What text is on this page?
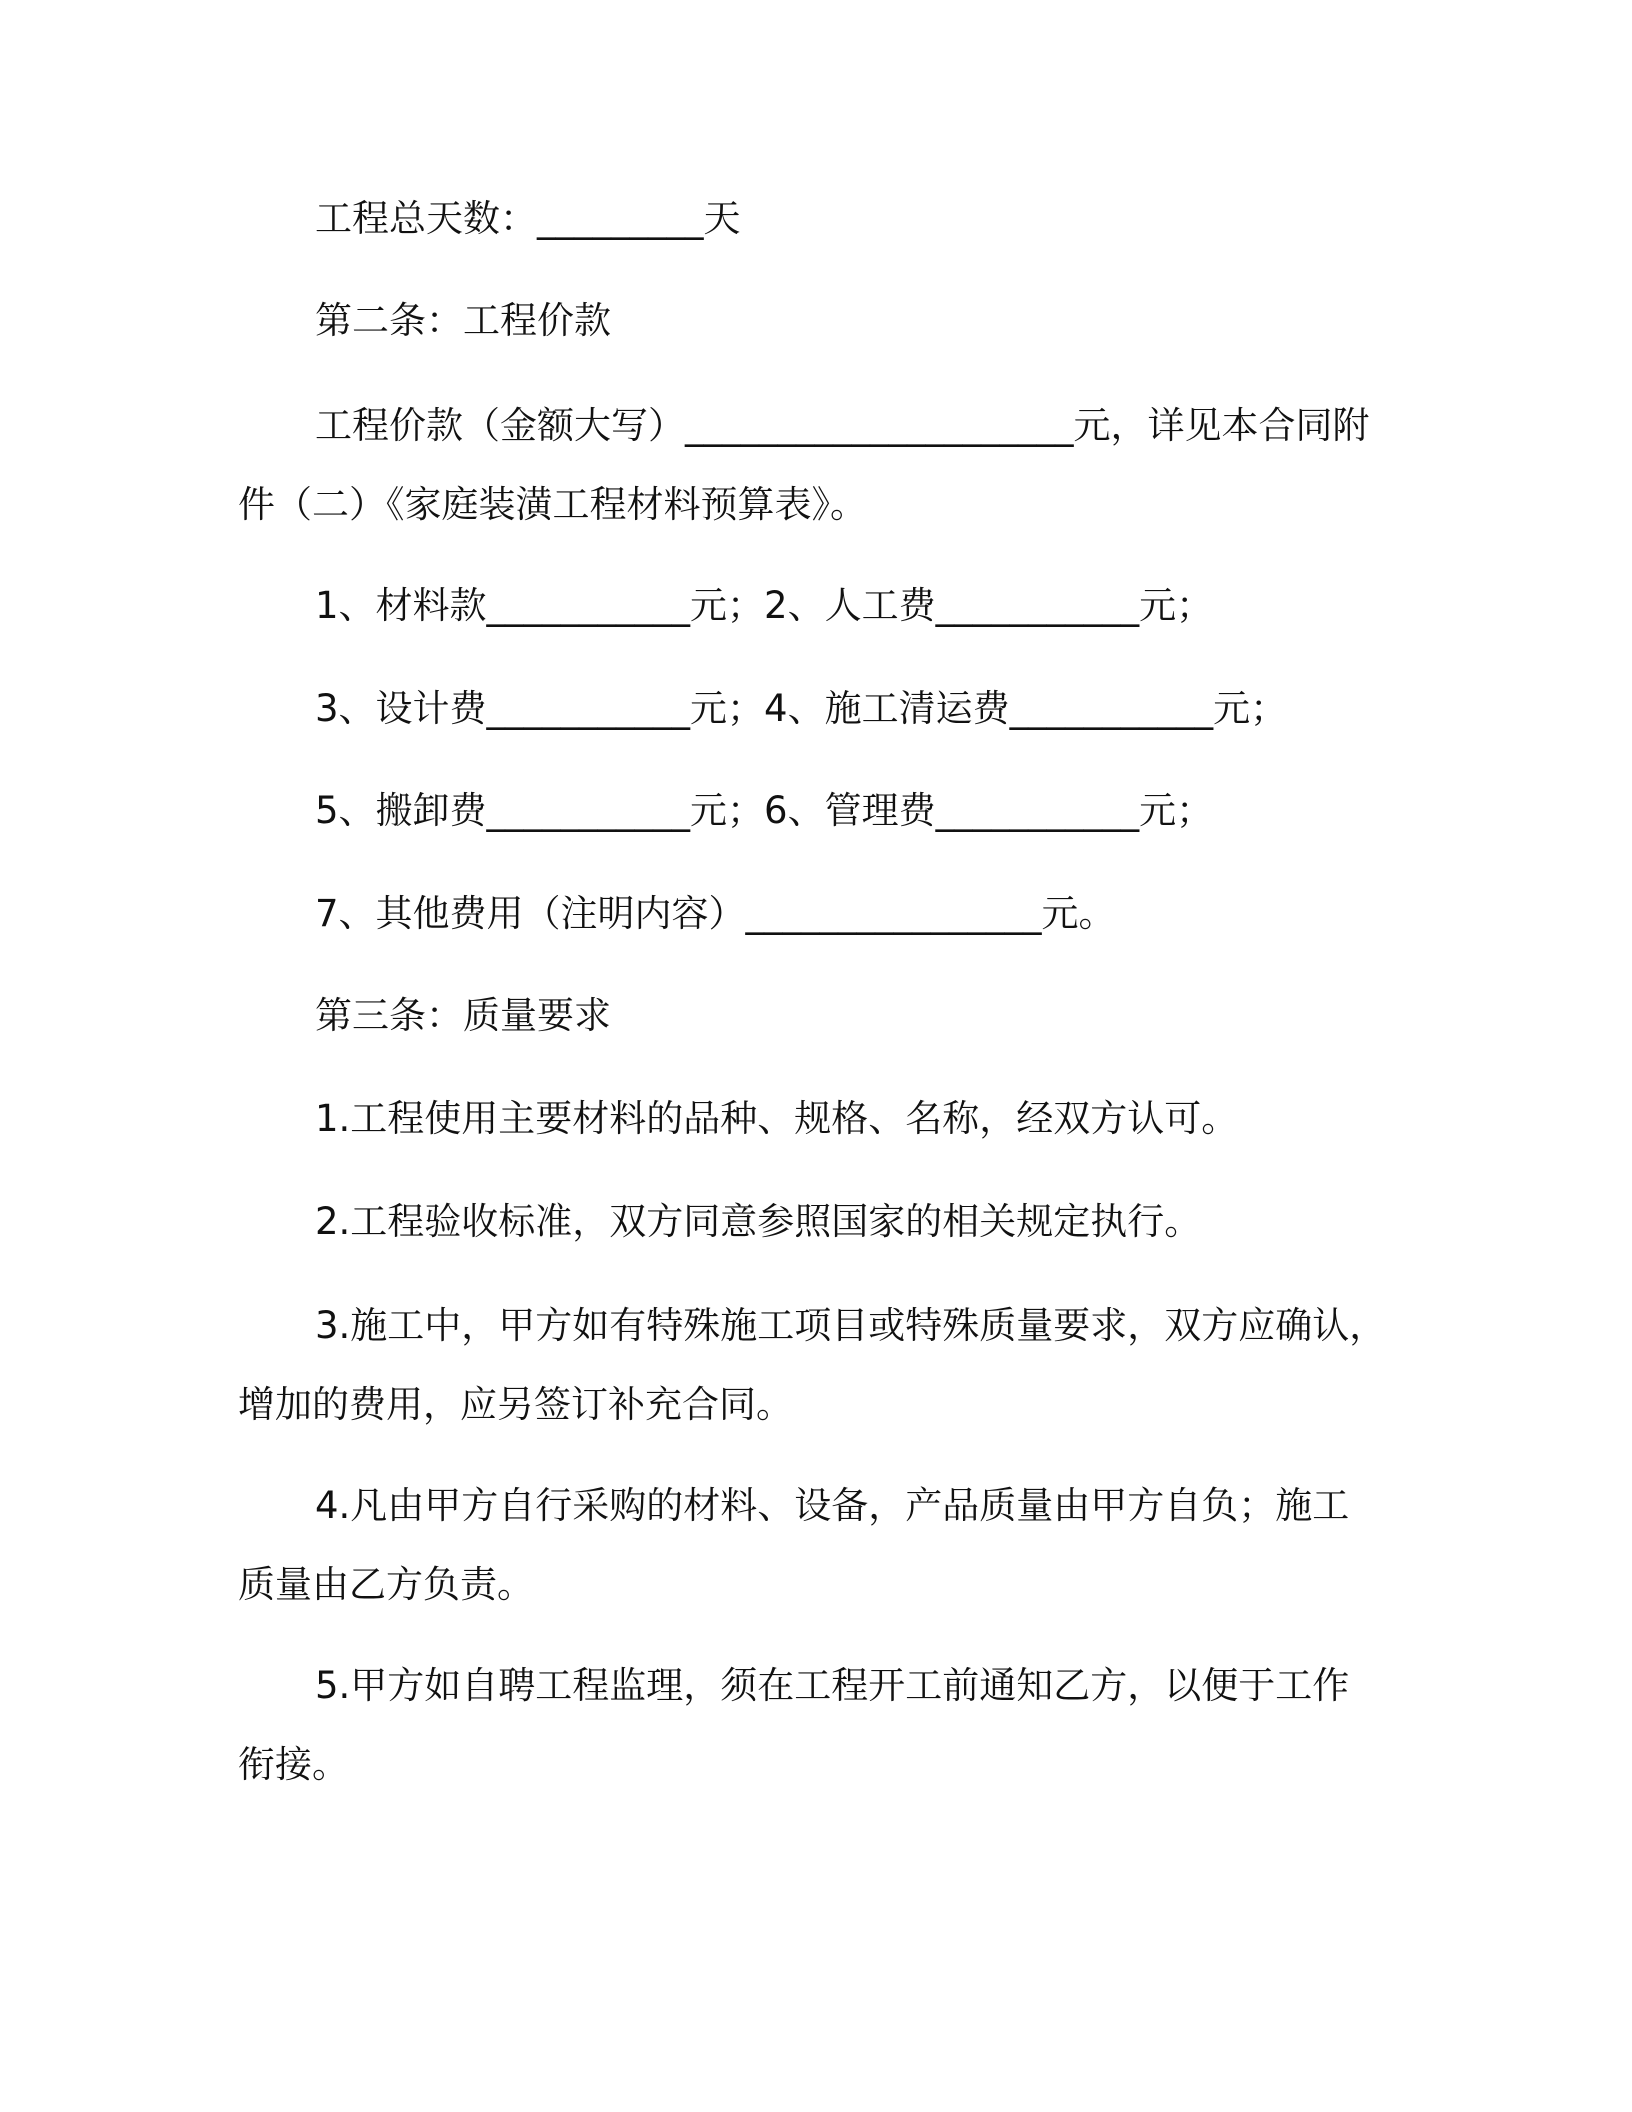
工程总天数：_________天
第二条：工程价款
工程价款（金额大写）_____________________元，详见本合同附
件（二）《家庭装潢工程材料预算表》。
1、材料款___________元；2、人工费___________元；
3、设计费___________元；4、施工清运费___________元；
5、搬卸费___________元；6、管理费___________元；
7、其他费用（注明内容）________________元。
第三条：质量要求
1.工程使用主要材料的品种、规格、名称，经双方认可。
2.工程验收标准，双方同意参照国家的相关规定执行。
3.施工中，甲方如有特殊施工项目或特殊质量要求，双方应确认，
增加的费用，应另签订补充合同。
4.凡由甲方自行采购的材料、设备，产品质量由甲方自负；施工
质量由乙方负责。
5.甲方如自聘工程监理，须在工程开工前通知乙方，以便于工作
衔接。
